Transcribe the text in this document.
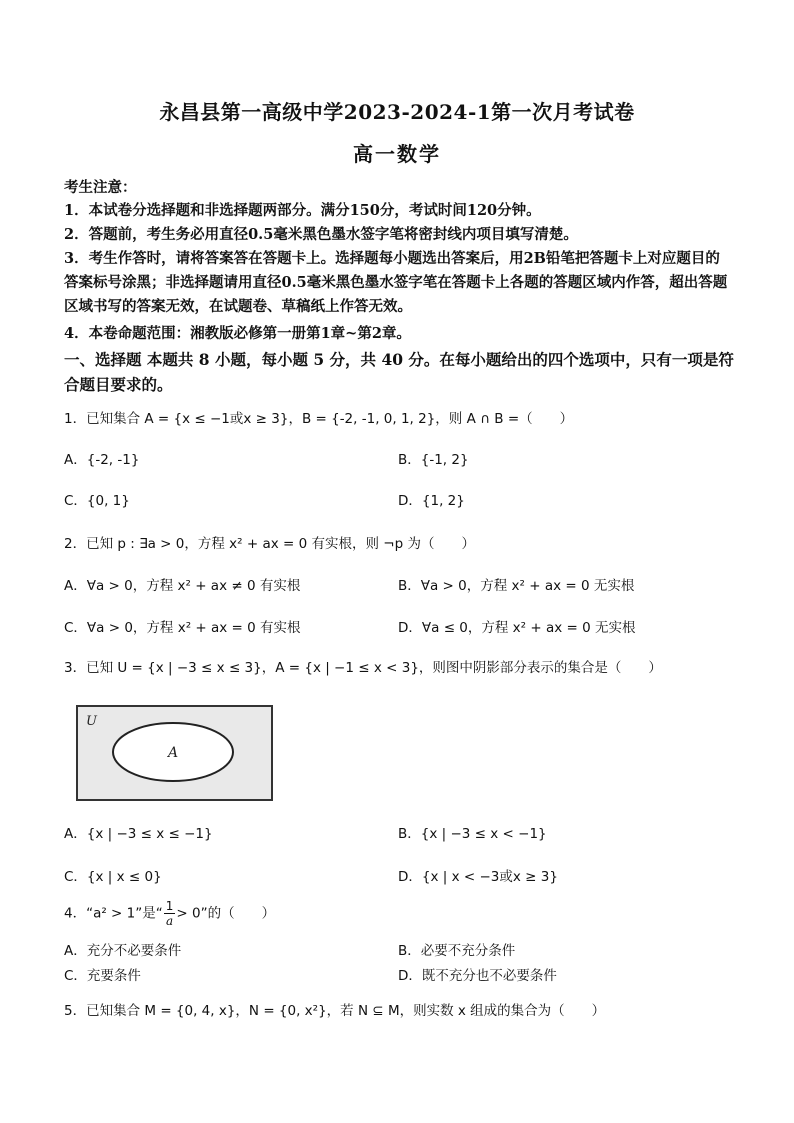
永昌县第一高级中学2023-2024-1第一次月考试卷
高一数学
考生注意：
1．本试卷分选择题和非选择题两部分。满分150分，考试时间120分钟。
2．答题前，考生务必用直径0.5毫米黑色墨水签字笔将密封线内项目填写清楚。
3．考生作答时，请将答案答在答题卡上。选择题每小题选出答案后，用2B铅笔把答题卡上对应题目的答案标号涂黑；非选择题请用直径0.5毫米黑色墨水签字笔在答题卡上各题的答题区域内作答，超出答题区域书写的答案无效，在试题卷、草稿纸上作答无效。
4．本卷命题范围：湘教版必修第一册第1章~第2章。
一、选择题 本题共 8 小题，每小题 5 分，共 40 分。在每小题给出的四个选项中，只有一项是符合题目要求的。
1．已知集合 A = {x ≤ −1或x ≥ 3}，B = {-2, -1, 0, 1, 2}，则 A ∩ B =（　　）
A．{-2, -1}	B．{-1, 2}
C．{0, 1}	D．{1, 2}
2．已知 p : ∃a > 0，方程 x² + ax = 0 有实根，则 ¬p 为（　　）
A．∀a > 0，方程 x² + ax ≠ 0 有实根	B．∀a > 0，方程 x² + ax = 0 无实根
C．∀a > 0，方程 x² + ax = 0 有实根	D．∀a ≤ 0，方程 x² + ax = 0 无实根
3．已知 U = {x | −3 ≤ x ≤ 3}，A = {x | −1 ≤ x < 3}，则图中阴影部分表示的集合是（　　）
U
A
A．{x | −3 ≤ x ≤ −1}	B．{x | −3 ≤ x < −1}
C．{x | x ≤ 0}	D．{x | x < −3或x ≥ 3}
4．“a² > 1”是“ $\frac{1}{a} > 0$”的（　　）
A．充分不必要条件	B．必要不充分条件
C．充要条件	D．既不充分也不必要条件
5．已知集合 M = {0, 4, x}，N = {0, x²}，若 N ⊆ M，则实数 x 组成的集合为（　　）
